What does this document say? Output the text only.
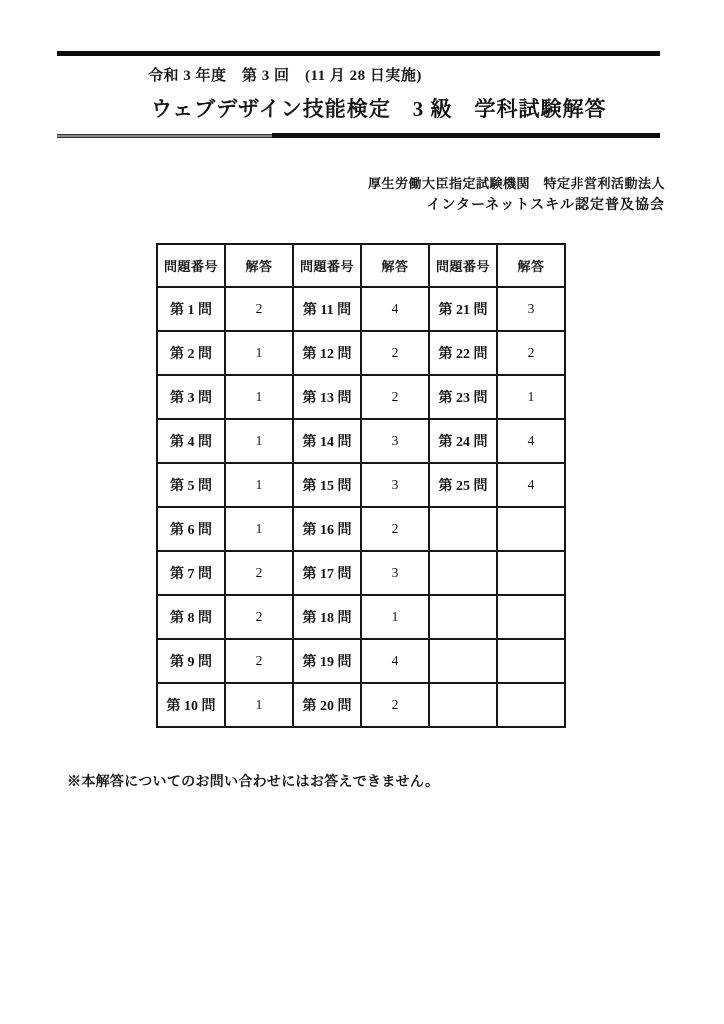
令和 3 年度　第 3 回　(11 月 28 日実施)
ウェブデザイン技能検定　3 級　学科試験解答
厚生労働大臣指定試験機関　特定非営利活動法人
インターネットスキル認定普及協会
問題番号	解答	問題番号	解答	問題番号	解答
第 1 問	2	第 11 問	4	第 21 問	3
第 2 問	1	第 12 問	2	第 22 問	2
第 3 問	1	第 13 問	2	第 23 問	1
第 4 問	1	第 14 問	3	第 24 問	4
第 5 問	1	第 15 問	3	第 25 問	4
第 6 問	1	第 16 問	2		
第 7 問	2	第 17 問	3		
第 8 問	2	第 18 問	1		
第 9 問	2	第 19 問	4		
第 10 問	1	第 20 問	2		
※本解答についてのお問い合わせにはお答えできません。
